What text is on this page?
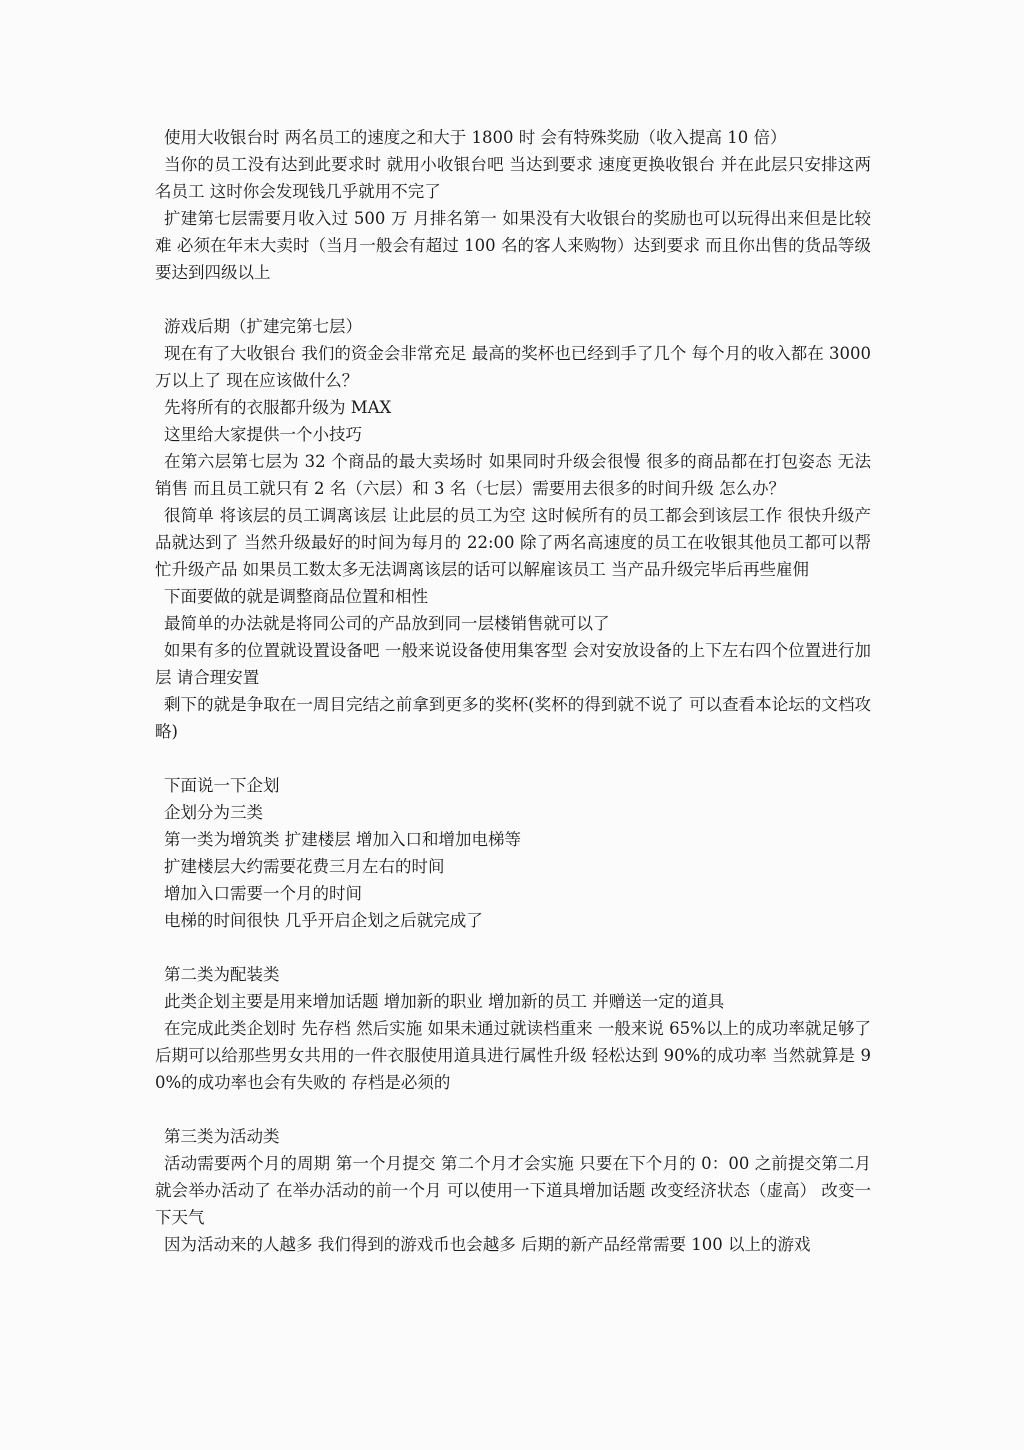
使用大收银台时 两名员工的速度之和大于 1800 时 会有特殊奖励（收入提高 10 倍）

当你的员工没有达到此要求时 就用小收银台吧 当达到要求 速度更换收银台 并在此层只安排这两名员工 这时你会发现钱几乎就用不完了

扩建第七层需要月收入过 500 万 月排名第一 如果没有大收银台的奖励也可以玩得出来但是比较难 必须在年末大卖时（当月一般会有超过 100 名的客人来购物）达到要求 而且你出售的货品等级要达到四级以上

游戏后期（扩建完第七层）

现在有了大收银台 我们的资金会非常充足 最高的奖杯也已经到手了几个 每个月的收入都在 3000 万以上了 现在应该做什么？

先将所有的衣服都升级为 MAX

这里给大家提供一个小技巧

在第六层第七层为 32 个商品的最大卖场时 如果同时升级会很慢 很多的商品都在打包姿态 无法销售 而且员工就只有 2 名（六层）和 3 名（七层）需要用去很多的时间升级 怎么办？

很简单 将该层的员工调离该层 让此层的员工为空 这时候所有的员工都会到该层工作 很快升级产品就达到了 当然升级最好的时间为每月的 22:00 除了两名高速度的员工在收银其他员工都可以帮忙升级产品 如果员工数太多无法调离该层的话可以解雇该员工 当产品升级完毕后再些雇佣

下面要做的就是调整商品位置和相性

最简单的办法就是将同公司的产品放到同一层楼销售就可以了

如果有多的位置就设置设备吧 一般来说设备使用集客型 会对安放设备的上下左右四个位置进行加层 请合理安置

剩下的就是争取在一周目完结之前拿到更多的奖杯(奖杯的得到就不说了 可以查看本论坛的文档攻略)

下面说一下企划

企划分为三类

第一类为增筑类 扩建楼层 增加入口和增加电梯等

扩建楼层大约需要花费三月左右的时间

增加入口需要一个月的时间

电梯的时间很快 几乎开启企划之后就完成了

第二类为配装类

此类企划主要是用来增加话题 增加新的职业 增加新的员工 并赠送一定的道具

在完成此类企划时 先存档 然后实施 如果未通过就读档重来 一般来说 65%以上的成功率就足够了 后期可以给那些男女共用的一件衣服使用道具进行属性升级 轻松达到 90%的成功率 当然就算是 90%的成功率也会有失败的 存档是必须的

第三类为活动类

活动需要两个月的周期 第一个月提交 第二个月才会实施 只要在下个月的 0：00 之前提交第二月就会举办活动了 在举办活动的前一个月 可以使用一下道具增加话题 改变经济状态（虚高） 改变一下天气

因为活动来的人越多 我们得到的游戏币也会越多 后期的新产品经常需要 100 以上的游戏
